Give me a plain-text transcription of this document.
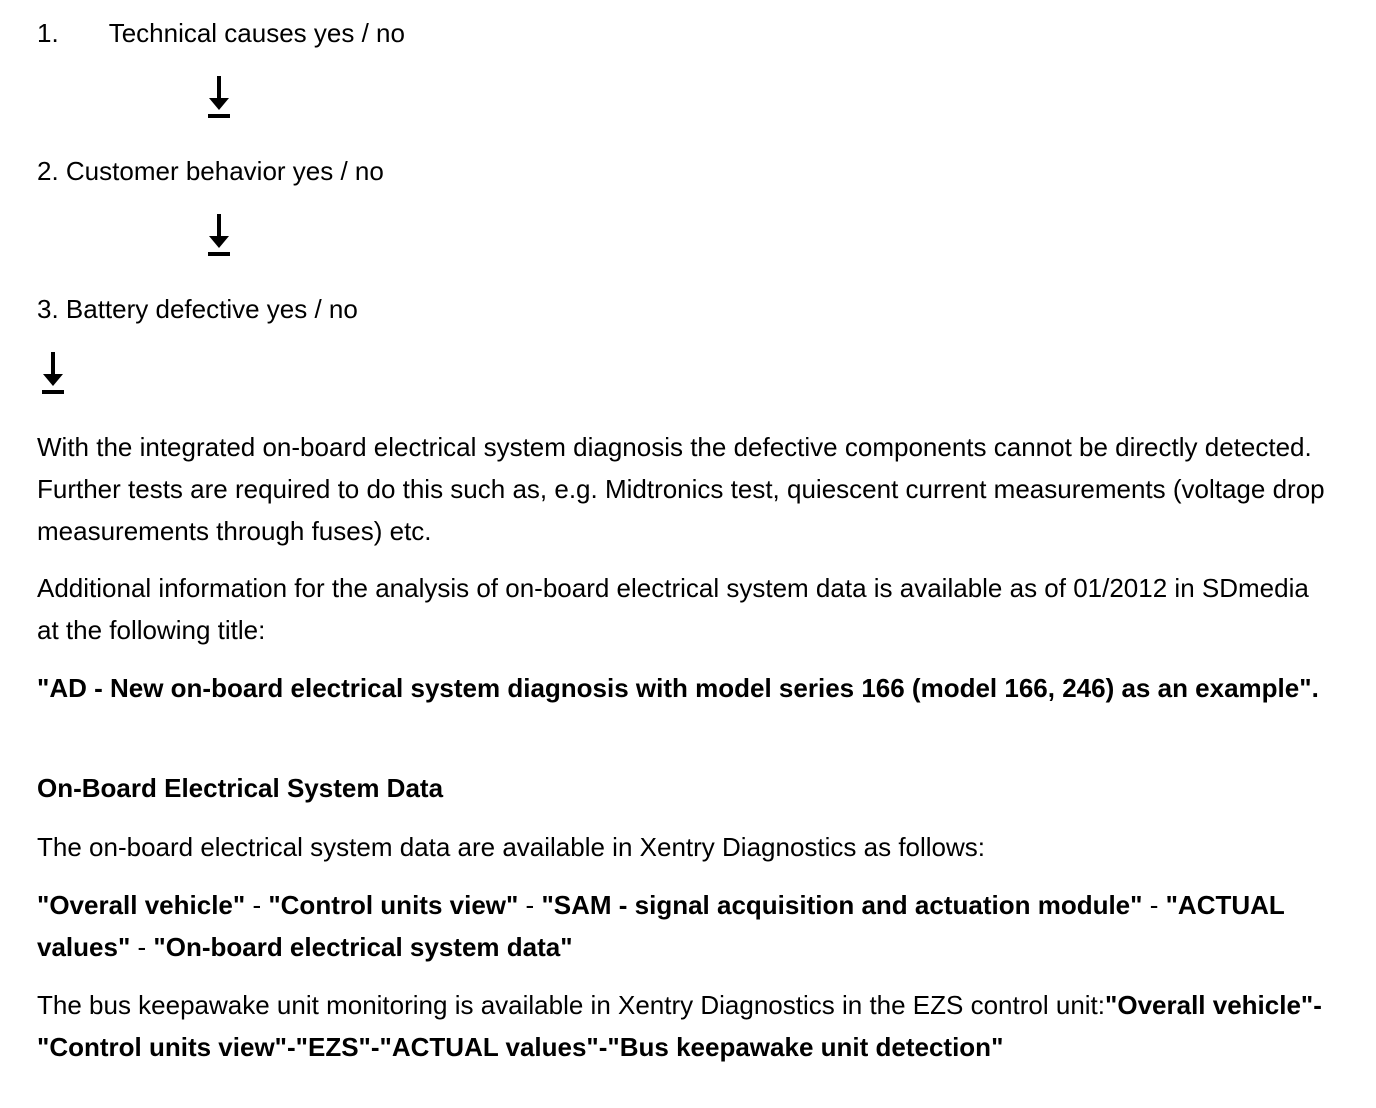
1. Technical causes yes / no
2. Customer behavior yes / no
3. Battery defective yes / no

With the integrated on-board electrical system diagnosis the defective components cannot be directly detected. Further tests are required to do this such as, e.g. Midtronics test, quiescent current measurements (voltage drop measurements through fuses) etc.

Additional information for the analysis of on-board electrical system data is available as of 01/2012 in SDmedia at the following title:

"AD - New on-board electrical system diagnosis with model series 166 (model 166, 246) as an example".

On-Board Electrical System Data

The on-board electrical system data are available in Xentry Diagnostics as follows:

"Overall vehicle" - "Control units view" - "SAM - signal acquisition and actuation module" - "ACTUAL values" - "On-board electrical system data"

The bus keepawake unit monitoring is available in Xentry Diagnostics in the EZS control unit:"Overall vehicle"-"Control units view"-"EZS"-"ACTUAL values"-"Bus keepawake unit detection"
